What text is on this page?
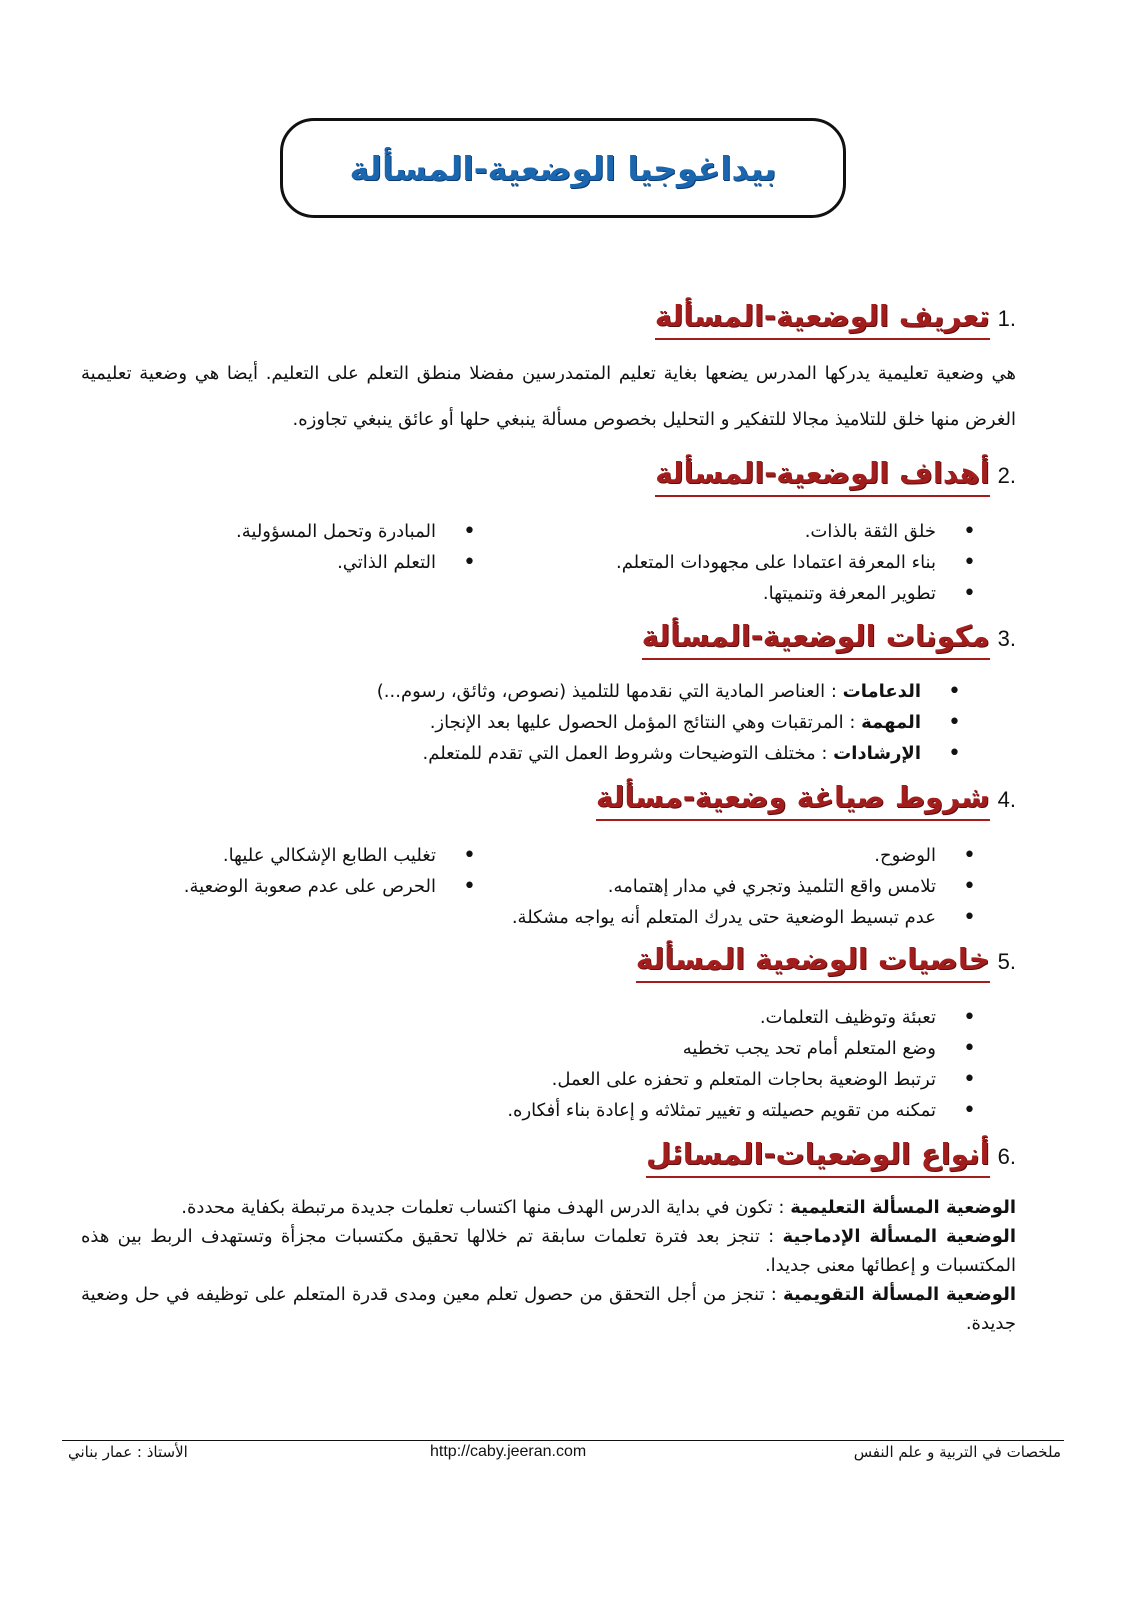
بيداغوجيا الوضعية-المسألة
.1
تعريف الوضعية-المسألة
هي وضعية تعليمية يدركها المدرس يضعها بغاية تعليم المتمدرسين مفضلا منطق التعلم على التعليم. أيضا هي وضعية تعليمية الغرض منها خلق للتلاميذ مجالا للتفكير و التحليل بخصوص مسألة ينبغي حلها أو عائق ينبغي تجاوزه.
.2
أهداف الوضعية-المسألة
• خلق الثقة بالذات.
• بناء المعرفة اعتمادا على مجهودات المتعلم.
• تطوير المعرفة وتنميتها.
• المبادرة وتحمل المسؤولية.
• التعلم الذاتي.
.3
مكونات الوضعية-المسألة
• الدعامات : العناصر المادية التي نقدمها للتلميذ (نصوص، وثائق، رسوم...)
• المهمة : المرتقبات وهي النتائج المؤمل الحصول عليها بعد الإنجاز.
• الإرشادات : مختلف التوضيحات وشروط العمل التي تقدم للمتعلم.
.4
شروط صياغة وضعية-مسألة
• الوضوح.
• تلامس واقع التلميذ وتجري في مدار إهتمامه.
• عدم تبسيط الوضعية حتى يدرك المتعلم أنه يواجه مشكلة.
• تغليب الطابع الإشكالي عليها.
• الحرص على عدم صعوبة الوضعية.
.5
خاصيات الوضعية المسألة
• تعبئة وتوظيف التعلمات.
• وضع المتعلم أمام تحد يجب تخطيه
• ترتبط الوضعية بحاجات المتعلم و تحفزه على العمل.
• تمكنه من تقويم حصيلته و تغيير تمثلاثه و إعادة بناء أفكاره.
.6
أنواع الوضعيات-المسائل

الوضعية المسألة التعليمية : تكون في بداية الدرس الهدف منها اكتساب تعلمات جديدة مرتبطة بكفاية محددة.

الوضعية المسألة الإدماجية : تنجز بعد فترة تعلمات سابقة تم خلالها تحقيق مكتسبات مجزأة وتستهدف الربط بين هذه المكتسبات و إعطائها معنى جديدا.

الوضعية المسألة التقويمية : تنجز من أجل التحقق من حصول تعلم معين ومدى قدرة المتعلم على توظيفه في حل وضعية جديدة.

ملخصات في التربية و علم النفس
http://caby.jeeran.com
الأستاذ : عمار بناني
